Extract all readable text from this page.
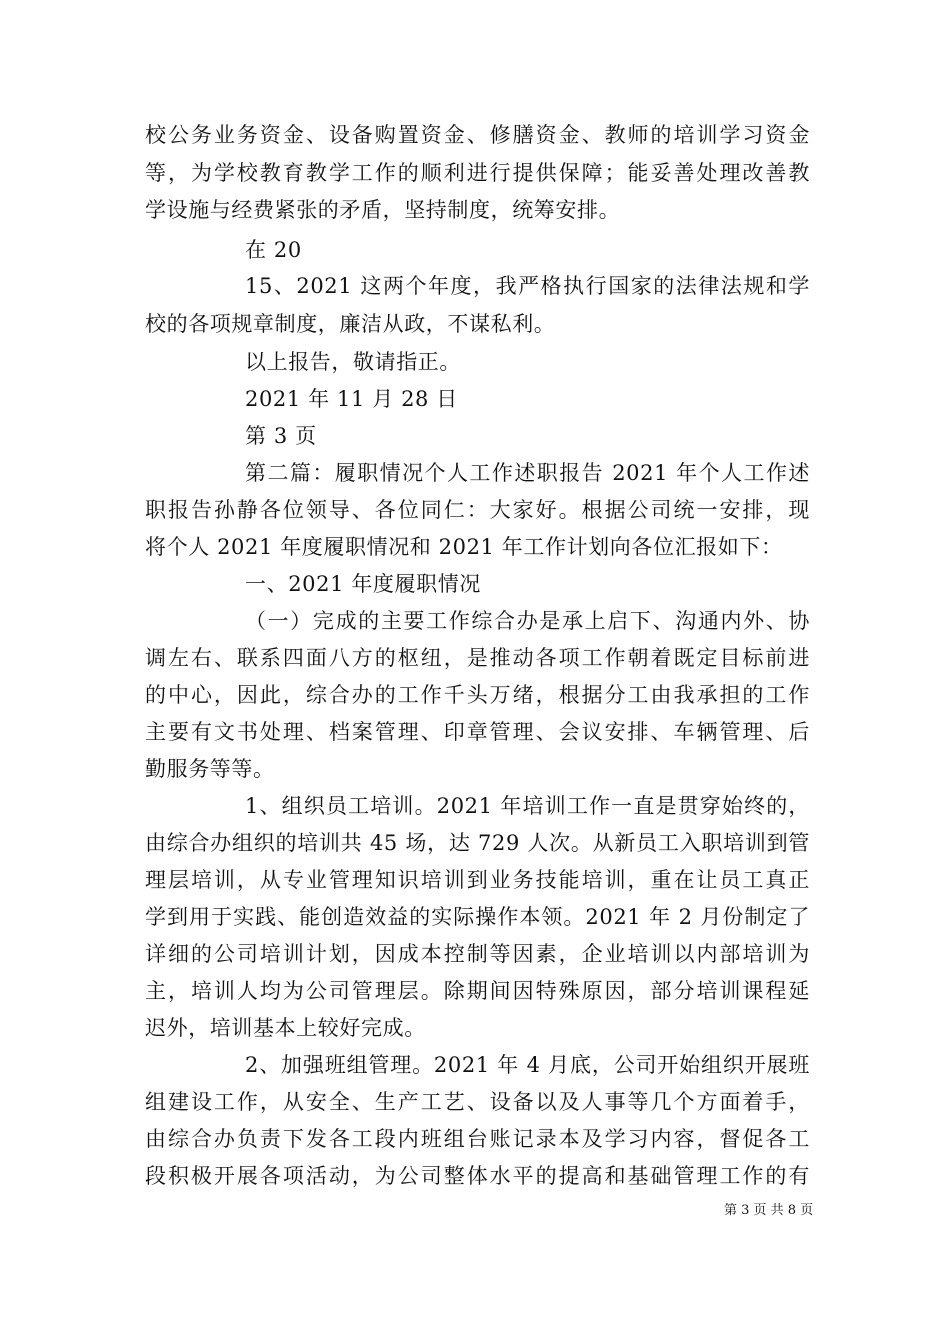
校公务业务资金、设备购置资金、修膳资金、教师的培训学习资金
等，为学校教育教学工作的顺利进行提供保障；能妥善处理改善教
学设施与经费紧张的矛盾，坚持制度，统筹安排。
在 20
15、2021 这两个年度，我严格执行国家的法律法规和学
校的各项规章制度，廉洁从政，不谋私利。
以上报告，敬请指正。
2021 年 11 月 28 日
第 3 页
第二篇：履职情况个人工作述职报告 2021 年个人工作述
职报告孙静各位领导、各位同仁：大家好。根据公司统一安排，现
将个人 2021 年度履职情况和 2021 年工作计划向各位汇报如下：
一、2021 年度履职情况
（一）完成的主要工作综合办是承上启下、沟通内外、协
调左右、联系四面八方的枢纽，是推动各项工作朝着既定目标前进
的中心，因此，综合办的工作千头万绪，根据分工由我承担的工作
主要有文书处理、档案管理、印章管理、会议安排、车辆管理、后
勤服务等等。
1、组织员工培训。2021 年培训工作一直是贯穿始终的，
由综合办组织的培训共 45 场，达 729 人次。从新员工入职培训到管
理层培训，从专业管理知识培训到业务技能培训，重在让员工真正
学到用于实践、能创造效益的实际操作本领。2021 年 2 月份制定了
详细的公司培训计划，因成本控制等因素，企业培训以内部培训为
主，培训人均为公司管理层。除期间因特殊原因，部分培训课程延
迟外，培训基本上较好完成。
2、加强班组管理。2021 年 4 月底，公司开始组织开展班
组建设工作，从安全、生产工艺、设备以及人事等几个方面着手，
由综合办负责下发各工段内班组台账记录本及学习内容，督促各工
段积极开展各项活动，为公司整体水平的提高和基础管理工作的有
第 3 页 共 8 页
